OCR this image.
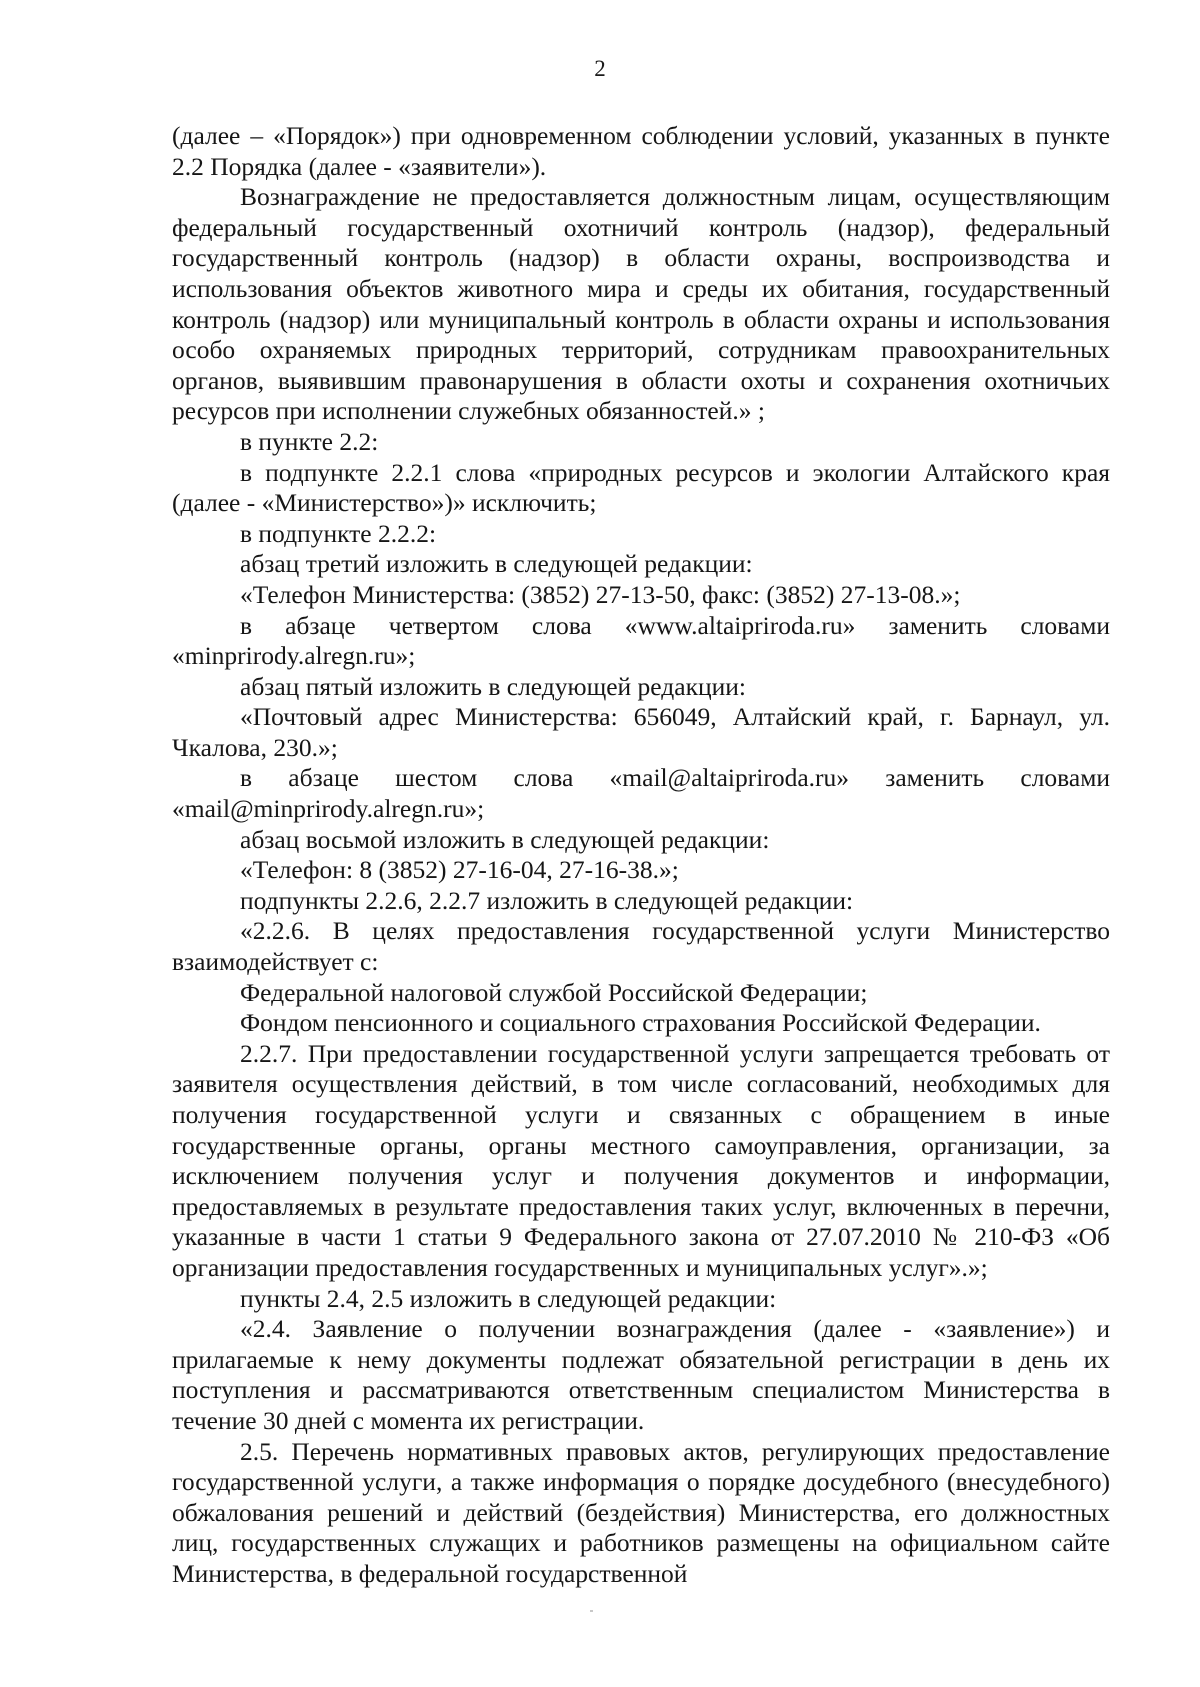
2

(далее – «Порядок») при одновременном соблюдении условий, указанных в пункте 2.2 Порядка (далее - «заявители»).

Вознаграждение не предоставляется должностным лицам, осуществляющим федеральный государственный охотничий контроль (надзор), федеральный государственный контроль (надзор) в области охраны, воспроизводства и использования объектов животного мира и среды их обитания, государственный контроль (надзор) или муниципальный контроль в области охраны и использования особо охраняемых природных территорий, сотрудникам правоохранительных органов, выявившим правонарушения в области охоты и сохранения охотничьих ресурсов при исполнении служебных обязанностей.» ;

в пункте 2.2:

в подпункте 2.2.1 слова «природных ресурсов и экологии Алтайского края (далее - «Министерство»)» исключить;

в подпункте 2.2.2:

абзац третий изложить в следующей редакции:

«Телефон Министерства: (3852) 27-13-50, факс: (3852) 27-13-08.»;

в абзаце четвертом слова «www.altaipriroda.ru» заменить словами «minprirody.alregn.ru»;

абзац пятый изложить в следующей редакции:

«Почтовый адрес Министерства: 656049, Алтайский край, г. Барнаул, ул. Чкалова, 230.»;

в абзаце шестом слова «mail@altaipriroda.ru» заменить словами «mail@minprirody.alregn.ru»;

абзац восьмой изложить в следующей редакции:

«Телефон: 8 (3852) 27-16-04, 27-16-38.»;

подпункты 2.2.6, 2.2.7 изложить в следующей редакции:

«2.2.6. В целях предоставления государственной услуги Министерство взаимодействует с:

Федеральной налоговой службой Российской Федерации;

Фондом пенсионного и социального страхования Российской Федерации.

2.2.7. При предоставлении государственной услуги запрещается требовать от заявителя осуществления действий, в том числе согласований, необходимых для получения государственной услуги и связанных с обращением в иные государственные органы, органы местного самоуправления, организации, за исключением получения услуг и получения документов и информации, предоставляемых в результате предоставления таких услуг, включенных в перечни, указанные в части 1 статьи 9 Федерального закона от 27.07.2010 № 210-ФЗ «Об организации предоставления государственных и муниципальных услуг».»;

пункты 2.4, 2.5 изложить в следующей редакции:

«2.4. Заявление о получении вознаграждения (далее - «заявление») и прилагаемые к нему документы подлежат обязательной регистрации в день их поступления и рассматриваются ответственным специалистом Министерства в течение 30 дней с момента их регистрации.

2.5. Перечень нормативных правовых актов, регулирующих предоставление государственной услуги, а также информация о порядке досудебного (внесудебного) обжалования решений и действий (бездействия) Министерства, его должностных лиц, государственных служащих и работников размещены на официальном сайте Министерства, в федеральной государственной
